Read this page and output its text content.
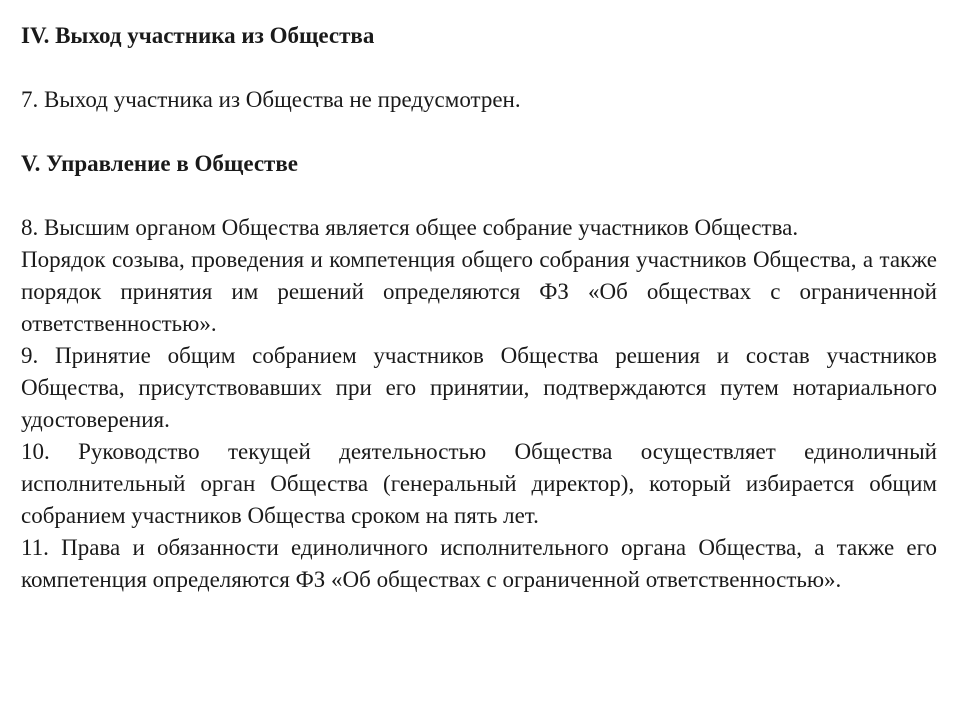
IV. Выход участника из Общества

7. Выход участника из Общества не предусмотрен.

V. Управление в Обществе

8. Высшим органом Общества является общее собрание участников Общества.

Порядок созыва, проведения и компетенция общего собрания участников Общества, а также порядок принятия им решений определяются ФЗ «Об обществах с ограниченной ответственностью».

9. Принятие общим собранием участников Общества решения и состав участников Общества, присутствовавших при его принятии, подтверждаются путем нотариального удостоверения.

10. Руководство текущей деятельностью Общества осуществляет единоличный исполнительный орган Общества (генеральный директор), который избирается общим собранием участников Общества сроком на пять лет.

11. Права и обязанности единоличного исполнительного органа Общества, а также его компетенция определяются ФЗ «Об обществах с ограниченной ответственностью».
